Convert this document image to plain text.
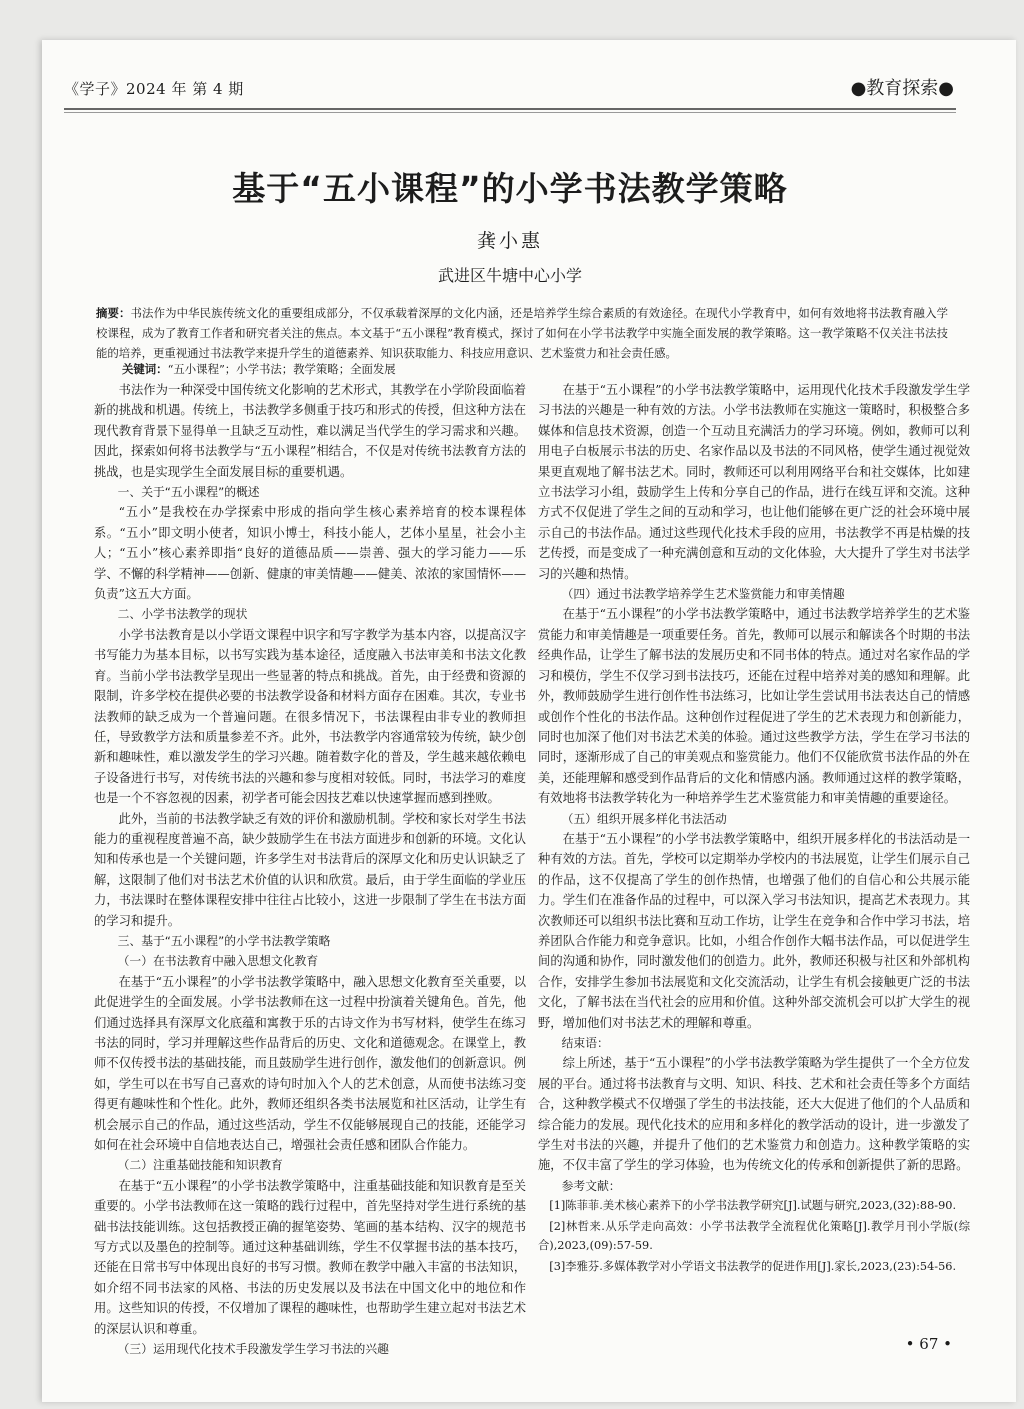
《学子》2024 年 第 4 期	●教育探索●
基于“五小课程”的小学书法教学策略
龚小惠
武进区牛塘中心小学
摘要：书法作为中华民族传统文化的重要组成部分，不仅承载着深厚的文化内涵，还是培养学生综合素质的有效途径。在现代小学教育中，如何有效地将书法教育融入学校课程，成为了教育工作者和研究者关注的焦点。本文基于“五小课程”教育模式，探讨了如何在小学书法教学中实施全面发展的教学策略。这一教学策略不仅关注书法技能的培养，更重视通过书法教学来提升学生的道德素养、知识获取能力、科技应用意识、艺术鉴赏力和社会责任感。
关键词：“五小课程”；小学书法；教学策略；全面发展

书法作为一种深受中国传统文化影响的艺术形式，其教学在小学阶段面临着新的挑战和机遇。传统上，书法教学多侧重于技巧和形式的传授，但这种方法在现代教育背景下显得单一且缺乏互动性，难以满足当代学生的学习需求和兴趣。因此，探索如何将书法教学与“五小课程”相结合，不仅是对传统书法教育方法的挑战，也是实现学生全面发展目标的重要机遇。

一、关于“五小课程”的概述

“五小”是我校在办学探索中形成的指向学生核心素养培育的校本课程体系。“五小”即文明小使者，知识小博士，科技小能人，艺体小星星，社会小主人；“五小”核心素养即指“良好的道德品质——崇善、强大的学习能力——乐学、不懈的科学精神——创新、健康的审美情趣——健美、浓浓的家国情怀——负责”这五大方面。

二、小学书法教学的现状

小学书法教育是以小学语文课程中识字和写字教学为基本内容，以提高汉字书写能力为基本目标，以书写实践为基本途径，适度融入书法审美和书法文化教育。当前小学书法教学呈现出一些显著的特点和挑战。首先，由于经费和资源的限制，许多学校在提供必要的书法教学设备和材料方面存在困难。其次，专业书法教师的缺乏成为一个普遍问题。在很多情况下，书法课程由非专业的教师担任，导致教学方法和质量参差不齐。此外，书法教学内容通常较为传统，缺少创新和趣味性，难以激发学生的学习兴趣。随着数字化的普及，学生越来越依赖电子设备进行书写，对传统书法的兴趣和参与度相对较低。同时，书法学习的难度也是一个不容忽视的因素，初学者可能会因技艺难以快速掌握而感到挫败。

此外，当前的书法教学缺乏有效的评价和激励机制。学校和家长对学生书法能力的重视程度普遍不高，缺少鼓励学生在书法方面进步和创新的环境。文化认知和传承也是一个关键问题，许多学生对书法背后的深厚文化和历史认识缺乏了解，这限制了他们对书法艺术价值的认识和欣赏。最后，由于学生面临的学业压力，书法课时在整体课程安排中往往占比较小，这进一步限制了学生在书法方面的学习和提升。

三、基于“五小课程”的小学书法教学策略
（一）在书法教育中融入思想文化教育

在基于“五小课程”的小学书法教学策略中，融入思想文化教育至关重要，以此促进学生的全面发展。小学书法教师在这一过程中扮演着关键角色。首先，他们通过选择具有深厚文化底蕴和寓教于乐的古诗文作为书写材料，使学生在练习书法的同时，学习并理解这些作品背后的历史、文化和道德观念。在课堂上，教师不仅传授书法的基础技能，而且鼓励学生进行创作，激发他们的创新意识。例如，学生可以在书写自己喜欢的诗句时加入个人的艺术创意，从而使书法练习变得更有趣味性和个性化。此外，教师还组织各类书法展览和社区活动，让学生有机会展示自己的作品，通过这些活动，学生不仅能够展现自己的技能，还能学习如何在社会环境中自信地表达自己，增强社会责任感和团队合作能力。

（二）注重基础技能和知识教育

在基于“五小课程”的小学书法教学策略中，注重基础技能和知识教育是至关重要的。小学书法教师在这一策略的践行过程中，首先坚持对学生进行系统的基础书法技能训练。这包括教授正确的握笔姿势、笔画的基本结构、汉字的规范书写方式以及墨色的控制等。通过这种基础训练，学生不仅掌握书法的基本技巧，还能在日常书写中体现出良好的书写习惯。教师在教学中融入丰富的书法知识，如介绍不同书法家的风格、书法的历史发展以及书法在中国文化中的地位和作用。这些知识的传授，不仅增加了课程的趣味性，也帮助学生建立起对书法艺术的深层认识和尊重。

（三）运用现代化技术手段激发学生学习书法的兴趣

在基于“五小课程”的小学书法教学策略中，运用现代化技术手段激发学生学习书法的兴趣是一种有效的方法。小学书法教师在实施这一策略时，积极整合多媒体和信息技术资源，创造一个互动且充满活力的学习环境。例如，教师可以利用电子白板展示书法的历史、名家作品以及书法的不同风格，使学生通过视觉效果更直观地了解书法艺术。同时，教师还可以利用网络平台和社交媒体，比如建立书法学习小组，鼓励学生上传和分享自己的作品，进行在线互评和交流。这种方式不仅促进了学生之间的互动和学习，也让他们能够在更广泛的社会环境中展示自己的书法作品。通过这些现代化技术手段的应用，书法教学不再是枯燥的技艺传授，而是变成了一种充满创意和互动的文化体验，大大提升了学生对书法学习的兴趣和热情。

（四）通过书法教学培养学生艺术鉴赏能力和审美情趣

在基于“五小课程”的小学书法教学策略中，通过书法教学培养学生的艺术鉴赏能力和审美情趣是一项重要任务。首先，教师可以展示和解读各个时期的书法经典作品，让学生了解书法的发展历史和不同书体的特点。通过对名家作品的学习和模仿，学生不仅学习到书法技巧，还能在过程中培养对美的感知和理解。此外，教师鼓励学生进行创作性书法练习，比如让学生尝试用书法表达自己的情感或创作个性化的书法作品。这种创作过程促进了学生的艺术表现力和创新能力，同时也加深了他们对书法艺术美的体验。通过这些教学方法，学生在学习书法的同时，逐渐形成了自己的审美观点和鉴赏能力。他们不仅能欣赏书法作品的外在美，还能理解和感受到作品背后的文化和情感内涵。教师通过这样的教学策略，有效地将书法教学转化为一种培养学生艺术鉴赏能力和审美情趣的重要途径。

（五）组织开展多样化书法活动

在基于“五小课程”的小学书法教学策略中，组织开展多样化的书法活动是一种有效的方法。首先，学校可以定期举办学校内的书法展览，让学生们展示自己的作品，这不仅提高了学生的创作热情，也增强了他们的自信心和公共展示能力。学生们在准备作品的过程中，可以深入学习书法知识，提高艺术表现力。其次教师还可以组织书法比赛和互动工作坊，让学生在竞争和合作中学习书法，培养团队合作能力和竞争意识。比如，小组合作创作大幅书法作品，可以促进学生间的沟通和协作，同时激发他们的创造力。此外，教师还积极与社区和外部机构合作，安排学生参加书法展览和文化交流活动，让学生有机会接触更广泛的书法文化，了解书法在当代社会的应用和价值。这种外部交流机会可以扩大学生的视野，增加他们对书法艺术的理解和尊重。

结束语：

综上所述，基于“五小课程”的小学书法教学策略为学生提供了一个全方位发展的平台。通过将书法教育与文明、知识、科技、艺术和社会责任等多个方面结合，这种教学模式不仅增强了学生的书法技能，还大大促进了他们的个人品质和综合能力的发展。现代化技术的应用和多样化的教学活动的设计，进一步激发了学生对书法的兴趣，并提升了他们的艺术鉴赏力和创造力。这种教学策略的实施，不仅丰富了学生的学习体验，也为传统文化的传承和创新提供了新的思路。

参考文献：
[1]陈菲菲.美术核心素养下的小学书法教学研究[J].试题与研究,2023,(32):88-90.
[2]林哲来.从乐学走向高效：小学书法教学全流程优化策略[J].教学月刊小学版(综合),2023,(09):57-59.
[3]李雅芬.多媒体教学对小学语文书法教学的促进作用[J].家长,2023,(23):54-56.
• 67 •
